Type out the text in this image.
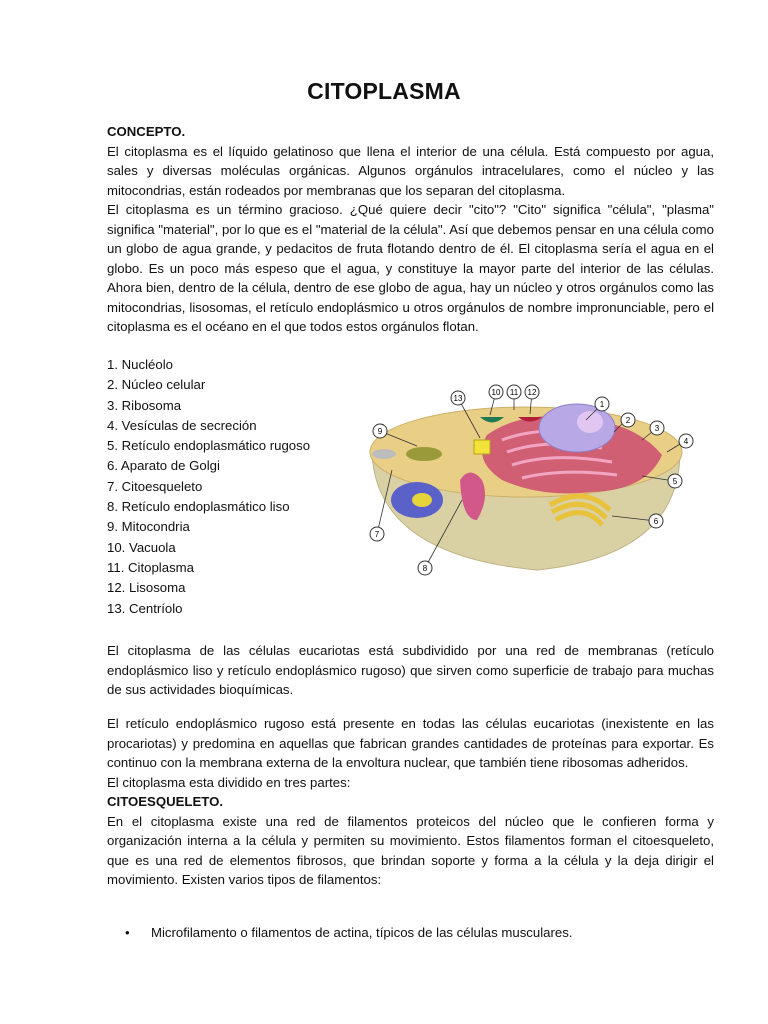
CITOPLASMA

CONCEPTO.

El citoplasma es el líquido gelatinoso que llena el interior de una célula. Está compuesto por agua, sales y diversas moléculas orgánicas. Algunos orgánulos intracelulares, como el núcleo y las mitocondrias, están rodeados por membranas que los separan del citoplasma.

El citoplasma es un término gracioso. ¿Qué quiere decir "cito"? "Cito" significa "célula", "plasma" significa "material", por lo que es el "material de la célula". Así que debemos pensar en una célula como un globo de agua grande, y pedacitos de fruta flotando dentro de él. El citoplasma sería el agua en el globo. Es un poco más espeso que el agua, y constituye la mayor parte del interior de las células. Ahora bien, dentro de la célula, dentro de ese globo de agua, hay un núcleo y otros orgánulos como las mitocondrias, lisosomas, el retículo endoplásmico u otros orgánulos de nombre impronunciable, pero el citoplasma es el océano en el que todos estos orgánulos flotan.

1. Nucléolo
2. Núcleo celular
3. Ribosoma
4. Vesículas de secreción
5. Retículo endoplasmático rugoso
6. Aparato de Golgi
7. Citoesqueleto
8. Retículo endoplasmático liso
9. Mitocondria
10. Vacuola
11. Citoplasma
12. Lisosoma
13. Centríolo
1
2
3
4
5
6
7
8
9
10 11 12
13

El citoplasma de las células eucariotas está subdividido por una red de membranas (retículo endoplásmico liso y retículo endoplásmico rugoso) que sirven como superficie de trabajo para muchas de sus actividades bioquímicas.

El retículo endoplásmico rugoso está presente en todas las células eucariotas (inexistente en las procariotas) y predomina en aquellas que fabrican grandes cantidades de proteínas para exportar. Es continuo con la membrana externa de la envoltura nuclear, que también tiene ribosomas adheridos.

El citoplasma esta dividido en tres partes:

CITOESQUELETO.

En el citoplasma existe una red de filamentos proteicos del núcleo que le confieren forma y organización interna a la célula y permiten su movimiento. Estos filamentos forman el citoesqueleto, que es una red de elementos fibrosos, que brindan soporte y forma a la célula y la deja dirigir el movimiento. Existen varios tipos de filamentos:

• Microfilamento o filamentos de actina, típicos de las células musculares.
